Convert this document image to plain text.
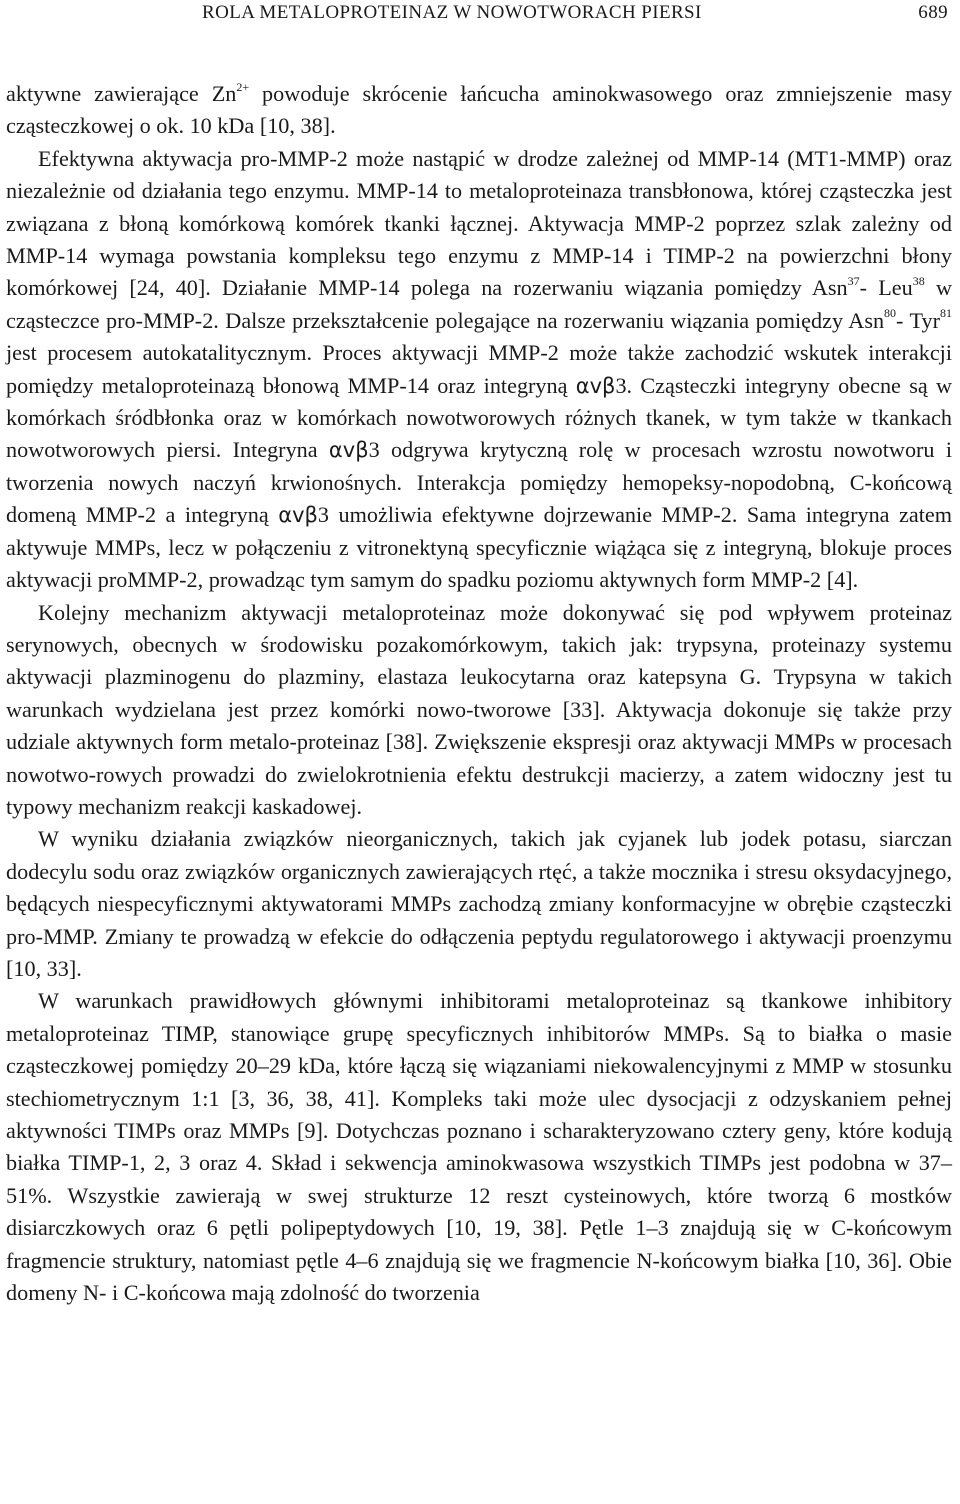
ROLA METALOPROTEINAZ W NOWOTWORACH PIERSI	689

aktywne zawierające $Zn^{2+}$ powoduje skrócenie łańcucha aminokwasowego oraz zmniejszenie masy cząsteczkowej o ok. 10 kDa [10, 38].

Efektywna aktywacja pro-MMP-2 może nastąpić w drodze zależnej od MMP-14 (MT1-MMP) oraz niezależnie od działania tego enzymu. MMP-14 to metaloproteinaza transbłonowa, której cząsteczka jest związana z błoną komórkową komórek tkanki łącznej. Aktywacja MMP-2 poprzez szlak zależny od MMP-14 wymaga powstania kompleksu tego enzymu z MMP-14 i TIMP-2 na powierzchni błony komórkowej [24, 40]. Działanie MMP-14 polega na rozerwaniu wiązania pomiędzy Asn$^{37}$- Leu$^{38}$ w cząsteczce pro-MMP-2. Dalsze przekształcenie polegające na rozerwaniu wiązania pomiędzy Asn$^{80}$- Tyr$^{81}$ jest procesem autokatalitycznym. Proces aktywacji MMP-2 może także zachodzić wskutek interakcji pomiędzy metaloproteinazą błonową MMP-14 oraz integryną αvβ3. Cząsteczki integryny obecne są w komórkach śródbłonka oraz w komórkach nowotworowych różnych tkanek, w tym także w tkankach nowotworowych piersi. Integryna αvβ3 odgrywa krytyczną rolę w procesach wzrostu nowotworu i tworzenia nowych naczyń krwionośnych. Interakcja pomiędzy hemopeksy-nopodobną, C-końcową domeną MMP-2 a integryną αvβ3 umożliwia efektywne dojrzewanie MMP-2. Sama integryna zatem aktywuje MMPs, lecz w połączeniu z vitronektyną specyficznie wiążąca się z integryną, blokuje proces aktywacji proMMP-2, prowadząc tym samym do spadku poziomu aktywnych form MMP-2 [4].

Kolejny mechanizm aktywacji metaloproteinaz może dokonywać się pod wpływem proteinaz serynowych, obecnych w środowisku pozakomórkowym, takich jak: trypsyna, proteinazy systemu aktywacji plazminogenu do plazminy, elastaza leukocytarna oraz katepsyna G. Trypsyna w takich warunkach wydzielana jest przez komórki nowo-tworowe [33]. Aktywacja dokonuje się także przy udziale aktywnych form metalo-proteinaz [38]. Zwiększenie ekspresji oraz aktywacji MMPs w procesach nowotwo-rowych prowadzi do zwielokrotnienia efektu destrukcji macierzy, a zatem widoczny jest tu typowy mechanizm reakcji kaskadowej.

W wyniku działania związków nieorganicznych, takich jak cyjanek lub jodek potasu, siarczan dodecylu sodu oraz związków organicznych zawierających rtęć, a także mocznika i stresu oksydacyjnego, będących niespecyficznymi aktywatorami MMPs zachodzą zmiany konformacyjne w obrębie cząsteczki pro-MMP. Zmiany te prowadzą w efekcie do odłączenia peptydu regulatorowego i aktywacji proenzymu [10, 33].

W warunkach prawidłowych głównymi inhibitorami metaloproteinaz są tkankowe inhibitory metaloproteinaz TIMP, stanowiące grupę specyficznych inhibitorów MMPs. Są to białka o masie cząsteczkowej pomiędzy 20–29 kDa, które łączą się wiązaniami niekowalencyjnymi z MMP w stosunku stechiometrycznym 1:1 [3, 36, 38, 41]. Kompleks taki może ulec dysocjacji z odzyskaniem pełnej aktywności TIMPs oraz MMPs [9]. Dotychczas poznano i scharakteryzowano cztery geny, które kodują białka TIMP-1, 2, 3 oraz 4. Skład i sekwencja aminokwasowa wszystkich TIMPs jest podobna w 37–51%. Wszystkie zawierają w swej strukturze 12 reszt cysteinowych, które tworzą 6 mostków disiarczkowych oraz 6 pętli polipeptydowych [10, 19, 38]. Pętle 1–3 znajdują się w C-końcowym fragmencie struktury, natomiast pętle 4–6 znajdują się we fragmencie N-końcowym białka [10, 36]. Obie domeny N- i C-końcowa mają zdolność do tworzenia
